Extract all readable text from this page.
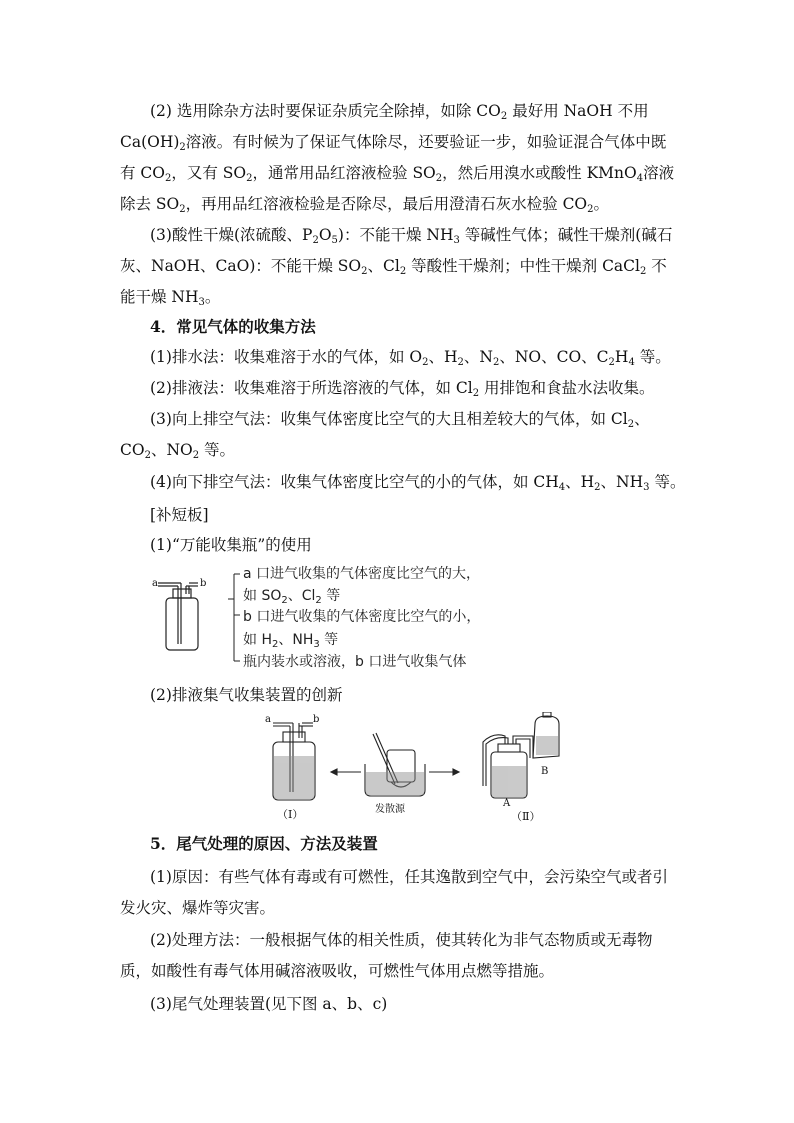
(2) 选用除杂方法时要保证杂质完全除掉，如除 $CO_2$ 最好用 NaOH 不用 $Ca(OH)_2$溶液。有时候为了保证气体除尽，还要验证一步，如验证混合气体中既有 $CO_2$，又有 $SO_2$，通常用品红溶液检验 $SO_2$，然后用溴水或酸性 KMnO$_4$溶液除去 $SO_2$，再用品红溶液检验是否除尽，最后用澄清石灰水检验 $CO_2$。
(3)酸性干燥(浓硫酸、$P_2O_5$)：不能干燥 $NH_3$ 等碱性气体；碱性干燥剂(碱石灰、NaOH、CaO)：不能干燥 $SO_2$、$Cl_2$ 等酸性干燥剂；中性干燥剂 CaCl$_2$ 不能干燥 $NH_3$。
4．常见气体的收集方法
(1)排水法：收集难溶于水的气体，如 $O_2$、$H_2$、$N_2$、NO、CO、$C_2H_4$ 等。
(2)排液法：收集难溶于所选溶液的气体，如 $Cl_2$ 用排饱和食盐水法收集。
(3)向上排空气法：收集气体密度比空气的大且相差较大的气体，如 $Cl_2$、$CO_2$、$NO_2$ 等。
(4)向下排空气法：收集气体密度比空气的小的气体，如 $CH_4$、$H_2$、$NH_3$ 等。
[补短板]
(1)“万能收集瓶”的使用
a	b
a 口进气收集的气体密度比空气的大，
如 $SO_2$、$Cl_2$ 等
b 口进气收集的气体密度比空气的小，
如 $H_2$、$NH_3$ 等
瓶内装水或溶液，b 口进气收集气体
(2)排液集气收集装置的创新
a	b
（Ⅰ）	发散源
A
B
（Ⅱ）
5．尾气处理的原因、方法及装置
(1)原因：有些气体有毒或有可燃性，任其逸散到空气中，会污染空气或者引发火灾、爆炸等灾害。
(2)处理方法：一般根据气体的相关性质，使其转化为非气态物质或无毒物质，如酸性有毒气体用碱溶液吸收，可燃性气体用点燃等措施。
(3)尾气处理装置(见下图 a、b、c)
